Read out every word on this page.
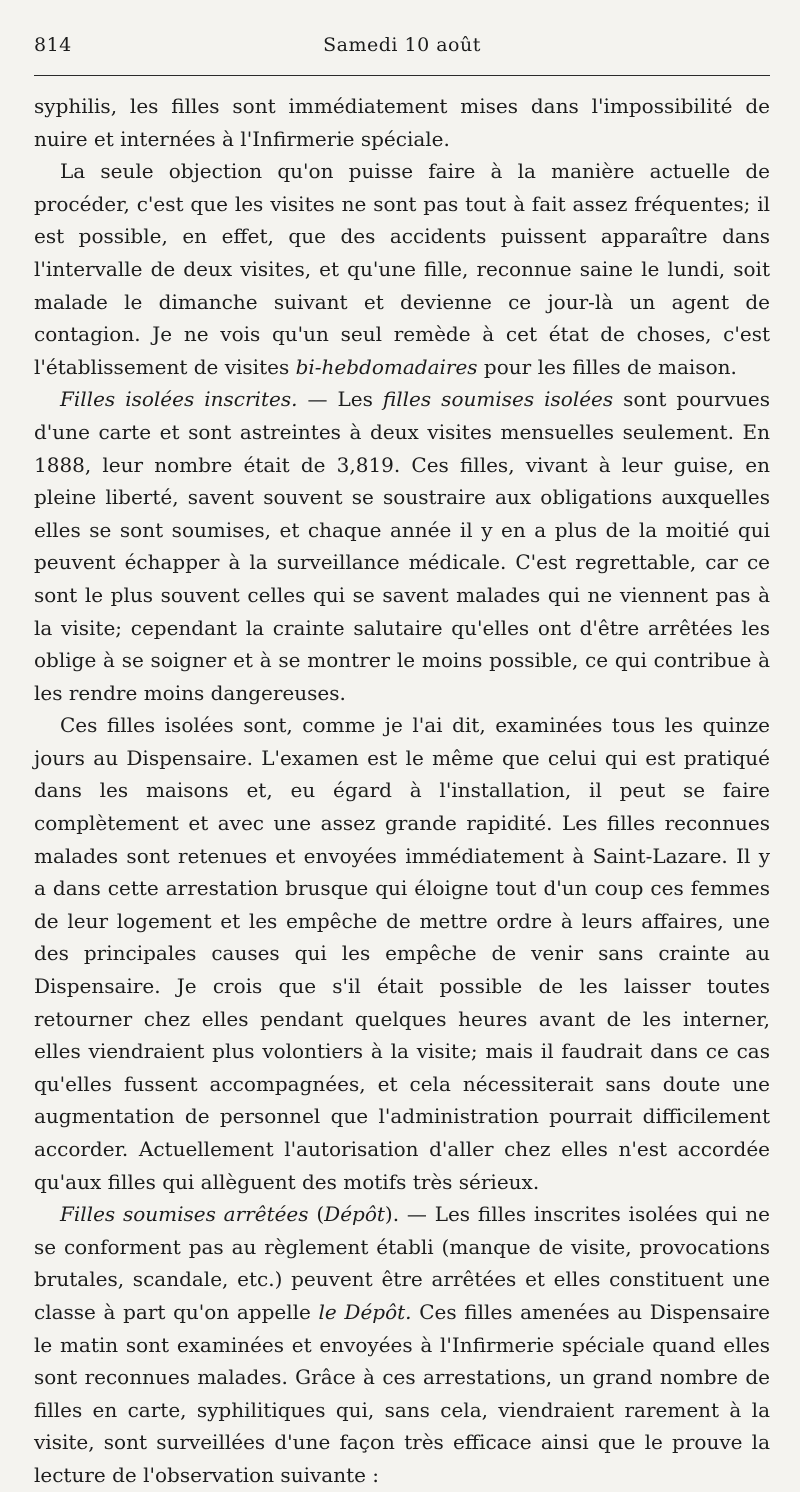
814	Samedi 10 août

syphilis, les filles sont immédiatement mises dans l'impossibilité de nuire et internées à l'Infirmerie spéciale.

La seule objection qu'on puisse faire à la manière actuelle de procéder, c'est que les visites ne sont pas tout à fait assez fréquentes; il est possible, en effet, que des accidents puissent apparaître dans l'intervalle de deux visites, et qu'une fille, reconnue saine le lundi, soit malade le dimanche suivant et devienne ce jour-là un agent de contagion. Je ne vois qu'un seul remède à cet état de choses, c'est l'établissement de visites bi-hebdomadaires pour les filles de maison.

Filles isolées inscrites. — Les filles soumises isolées sont pourvues d'une carte et sont astreintes à deux visites mensuelles seulement. En 1888, leur nombre était de 3,819. Ces filles, vivant à leur guise, en pleine liberté, savent souvent se soustraire aux obligations auxquelles elles se sont soumises, et chaque année il y en a plus de la moitié qui peuvent échapper à la surveillance médicale. C'est regrettable, car ce sont le plus souvent celles qui se savent malades qui ne viennent pas à la visite; cependant la crainte salutaire qu'elles ont d'être arrêtées les oblige à se soigner et à se montrer le moins possible, ce qui contribue à les rendre moins dangereuses.

Ces filles isolées sont, comme je l'ai dit, examinées tous les quinze jours au Dispensaire. L'examen est le même que celui qui est pratiqué dans les maisons et, eu égard à l'installation, il peut se faire complètement et avec une assez grande rapidité. Les filles reconnues malades sont retenues et envoyées immédiatement à Saint-Lazare. Il y a dans cette arrestation brusque qui éloigne tout d'un coup ces femmes de leur logement et les empêche de mettre ordre à leurs affaires, une des principales causes qui les empêche de venir sans crainte au Dispensaire. Je crois que s'il était possible de les laisser toutes retourner chez elles pendant quelques heures avant de les interner, elles viendraient plus volontiers à la visite; mais il faudrait dans ce cas qu'elles fussent accompagnées, et cela nécessiterait sans doute une augmentation de personnel que l'administration pourrait difficilement accorder. Actuellement l'autorisation d'aller chez elles n'est accordée qu'aux filles qui allèguent des motifs très sérieux.

Filles soumises arrêtées (Dépôt). — Les filles inscrites isolées qui ne se conforment pas au règlement établi (manque de visite, provocations brutales, scandale, etc.) peuvent être arrêtées et elles constituent une classe à part qu'on appelle le Dépôt. Ces filles amenées au Dispensaire le matin sont examinées et envoyées à l'Infirmerie spéciale quand elles sont reconnues malades. Grâce à ces arrestations, un grand nombre de filles en carte, syphilitiques qui, sans cela, viendraient rarement à la visite, sont surveillées d'une façon très efficace ainsi que le prouve la lecture de l'observation suivante :
